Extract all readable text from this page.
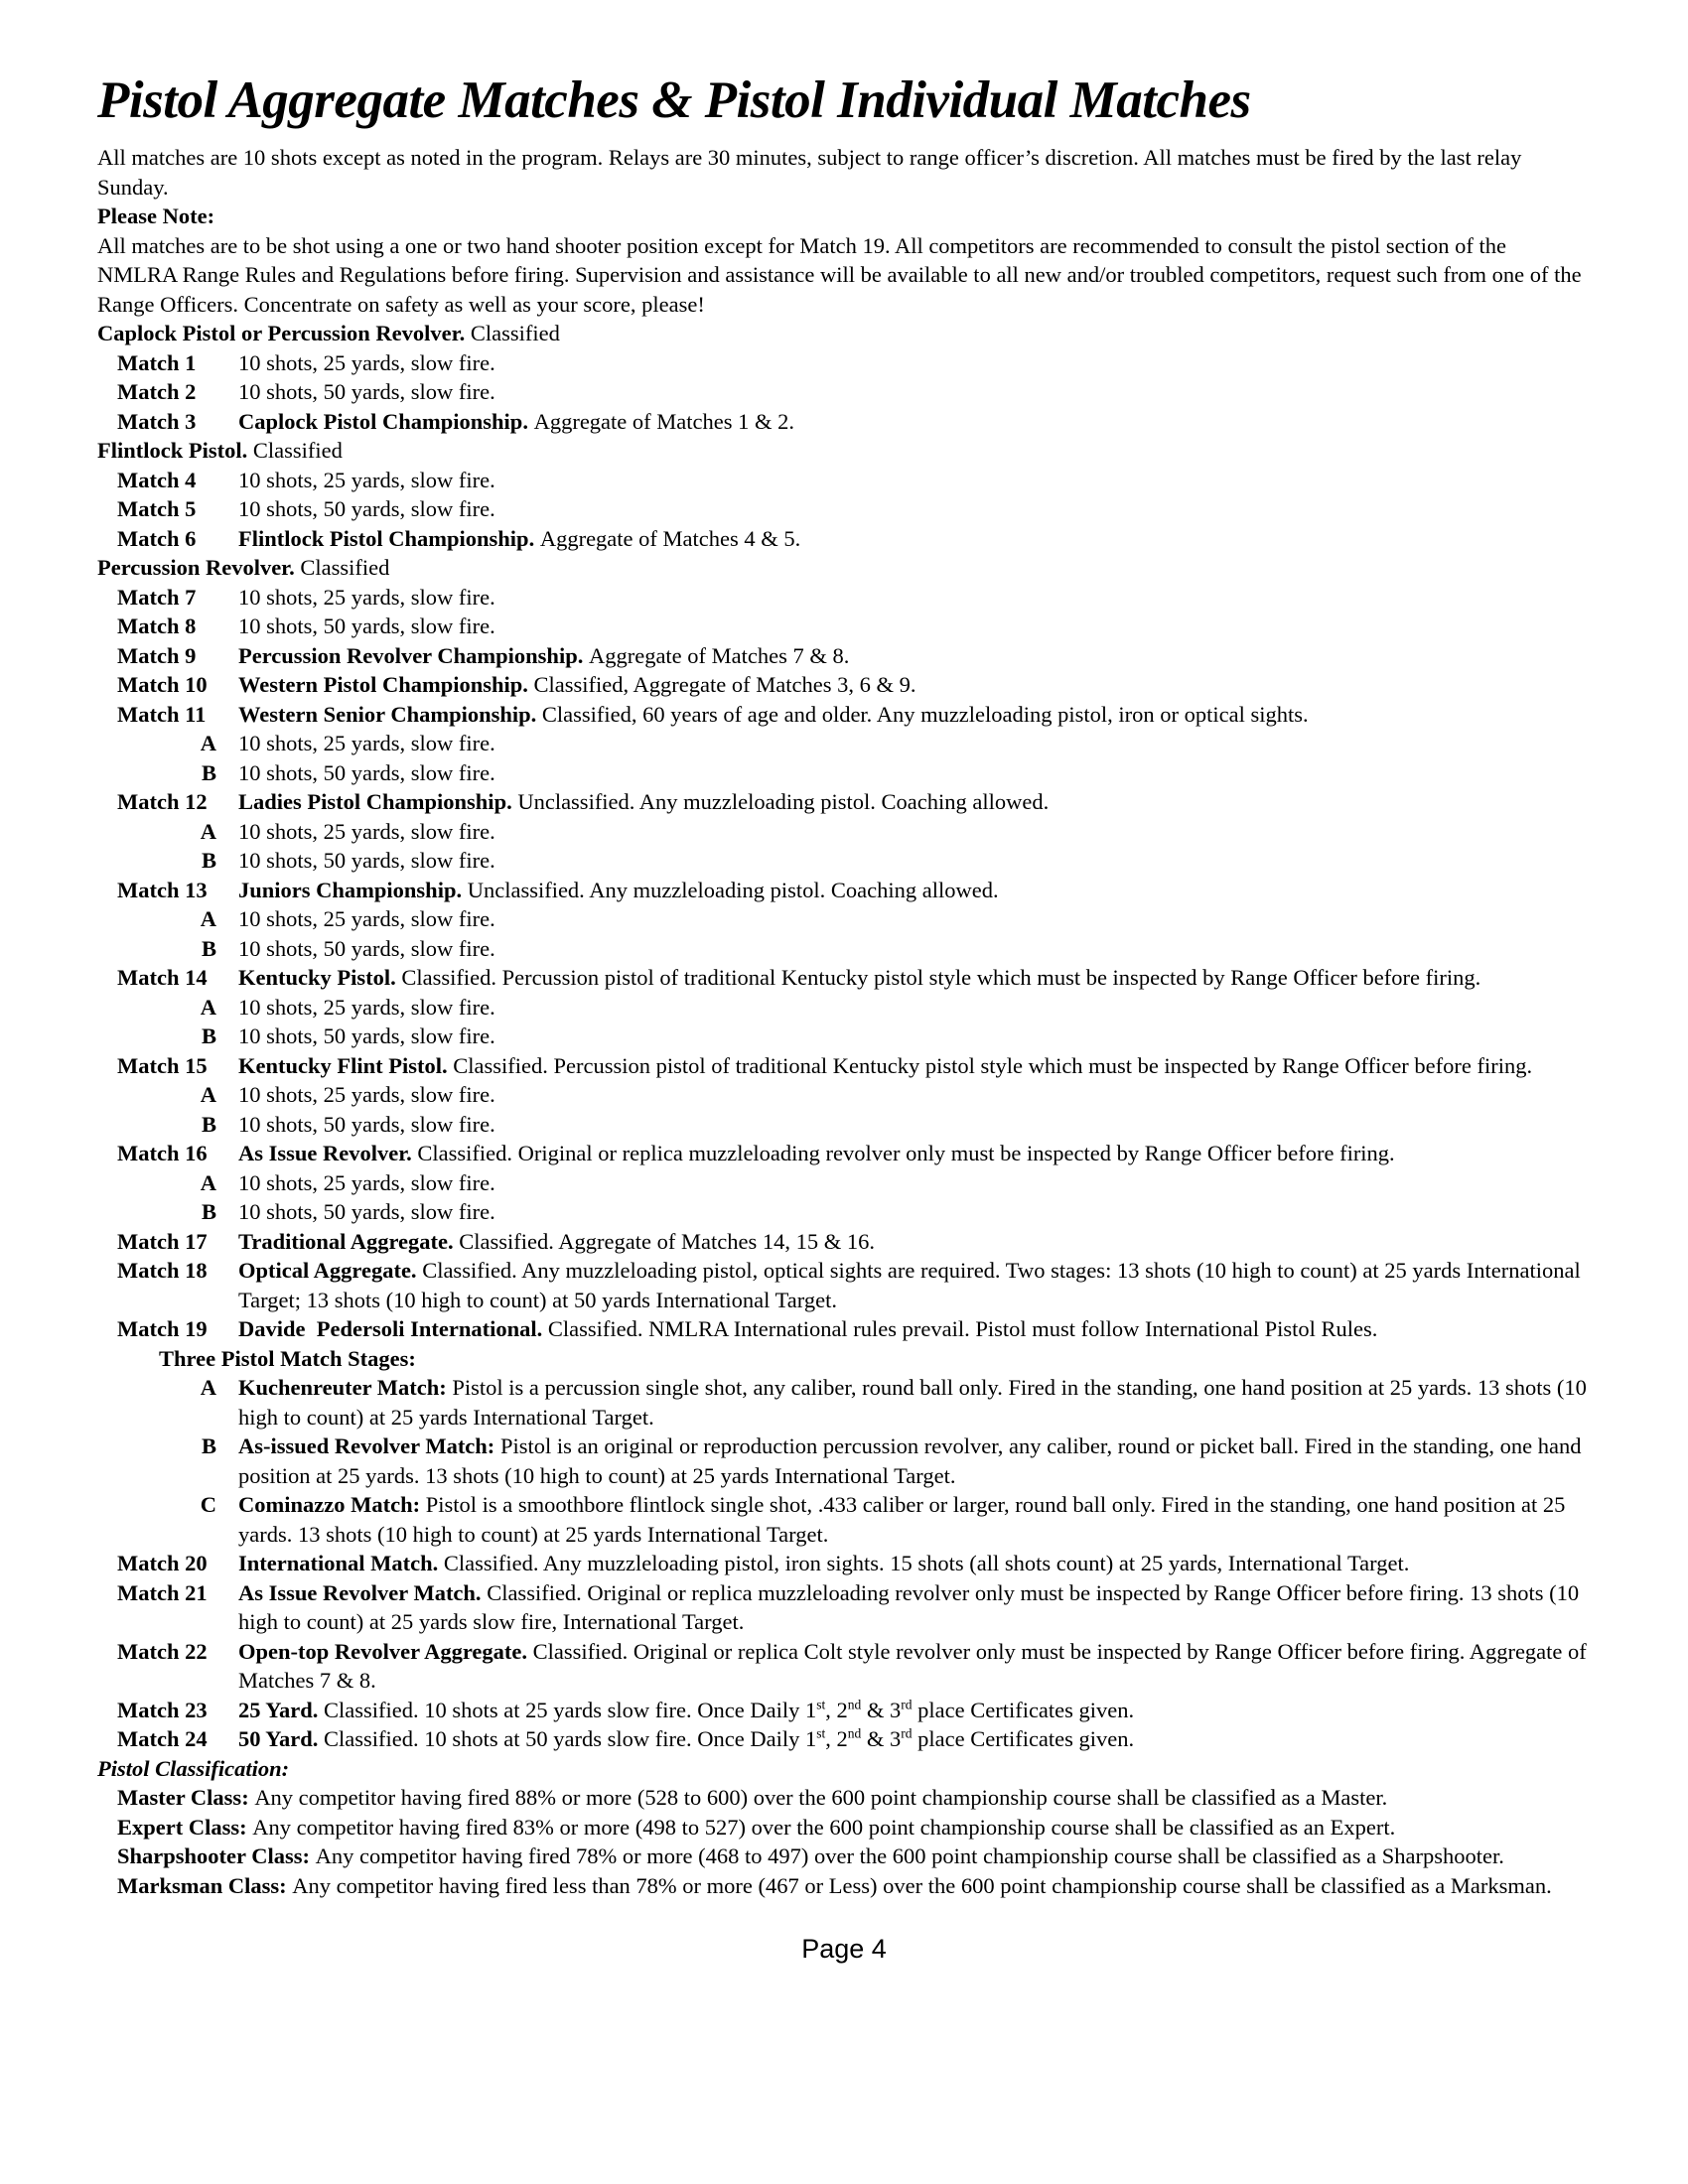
Pistol Aggregate Matches & Pistol Individual Matches
All matches are 10 shots except as noted in the program. Relays are 30 minutes, subject to range officer’s discretion. All matches must be fired by the last relay Sunday.
Please Note:
All matches are to be shot using a one or two hand shooter position except for Match 19. All competitors are recommended to consult the pistol section of the NMLRA Range Rules and Regulations before firing. Supervision and assistance will be available to all new and/or troubled competitors, request such from one of the Range Officers. Concentrate on safety as well as your score, please!
Caplock Pistol or Percussion Revolver. Classified
Match 1	10 shots, 25 yards, slow fire.
Match 2	10 shots, 50 yards, slow fire.
Match 3	Caplock Pistol Championship. Aggregate of Matches 1 & 2.
Flintlock Pistol. Classified
Match 4	10 shots, 25 yards, slow fire.
Match 5	10 shots, 50 yards, slow fire.
Match 6	Flintlock Pistol Championship. Aggregate of Matches 4 & 5.
Percussion Revolver. Classified
Match 7	10 shots, 25 yards, slow fire.
Match 8	10 shots, 50 yards, slow fire.
Match 9	Percussion Revolver Championship. Aggregate of Matches 7 & 8.
Match 10	Western Pistol Championship. Classified, Aggregate of Matches 3, 6 & 9.
Match 11	Western Senior Championship. Classified, 60 years of age and older. Any muzzleloading pistol, iron or optical sights.
A 10 shots, 25 yards, slow fire.
B 10 shots, 50 yards, slow fire.
Match 12	Ladies Pistol Championship. Unclassified. Any muzzleloading pistol. Coaching allowed.
A 10 shots, 25 yards, slow fire.
B 10 shots, 50 yards, slow fire.
Match 13	Juniors Championship. Unclassified. Any muzzleloading pistol. Coaching allowed.
A 10 shots, 25 yards, slow fire.
B 10 shots, 50 yards, slow fire.
Match 14	Kentucky Pistol. Classified. Percussion pistol of traditional Kentucky pistol style which must be inspected by Range Officer before firing.
A 10 shots, 25 yards, slow fire.
B 10 shots, 50 yards, slow fire.
Match 15	Kentucky Flint Pistol. Classified. Percussion pistol of traditional Kentucky pistol style which must be inspected by Range Officer before firing.
A 10 shots, 25 yards, slow fire.
B 10 shots, 50 yards, slow fire.
Match 16	As Issue Revolver. Classified. Original or replica muzzleloading revolver only must be inspected by Range Officer before firing.
A 10 shots, 25 yards, slow fire.
B 10 shots, 50 yards, slow fire.
Match 17	Traditional Aggregate. Classified. Aggregate of Matches 14, 15 & 16.
Match 18	Optical Aggregate. Classified. Any muzzleloading pistol, optical sights are required. Two stages: 13 shots (10 high to count) at 25 yards International Target; 13 shots (10 high to count) at 50 yards International Target.
Match 19	Davide  Pedersoli International. Classified. NMLRA International rules prevail. Pistol must follow International Pistol Rules.
Three Pistol Match Stages:
A Kuchenreuter Match: Pistol is a percussion single shot, any caliber, round ball only. Fired in the standing, one hand position at 25 yards. 13 shots (10 high to count) at 25 yards International Target.
B As-issued Revolver Match: Pistol is an original or reproduction percussion revolver, any caliber, round or picket ball. Fired in the standing, one hand position at 25 yards. 13 shots (10 high to count) at 25 yards International Target.
C Cominazzo Match: Pistol is a smoothbore flintlock single shot, .433 caliber or larger, round ball only. Fired in the standing, one hand position at 25 yards. 13 shots (10 high to count) at 25 yards International Target.
Match 20	International Match. Classified. Any muzzleloading pistol, iron sights. 15 shots (all shots count) at 25 yards, International Target.
Match 21	As Issue Revolver Match. Classified. Original or replica muzzleloading revolver only must be inspected by Range Officer before firing. 13 shots (10 high to count) at 25 yards slow fire, International Target.
Match 22	Open-top Revolver Aggregate. Classified. Original or replica Colt style revolver only must be inspected by Range Officer before firing. Aggregate of Matches 7 & 8.
Match 23	25 Yard. Classified. 10 shots at 25 yards slow fire. Once Daily 1st, 2nd & 3rd place Certificates given.
Match 24	50 Yard. Classified. 10 shots at 50 yards slow fire. Once Daily 1st, 2nd & 3rd place Certificates given.
Pistol Classification:
Master Class: Any competitor having fired 88% or more (528 to 600) over the 600 point championship course shall be classified as a Master.
Expert Class: Any competitor having fired 83% or more (498 to 527) over the 600 point championship course shall be classified as an Expert.
Sharpshooter Class: Any competitor having fired 78% or more (468 to 497) over the 600 point championship course shall be classified as a Sharpshooter.
Marksman Class: Any competitor having fired less than 78% or more (467 or Less) over the 600 point championship course shall be classified as a Marksman.
Page 4
